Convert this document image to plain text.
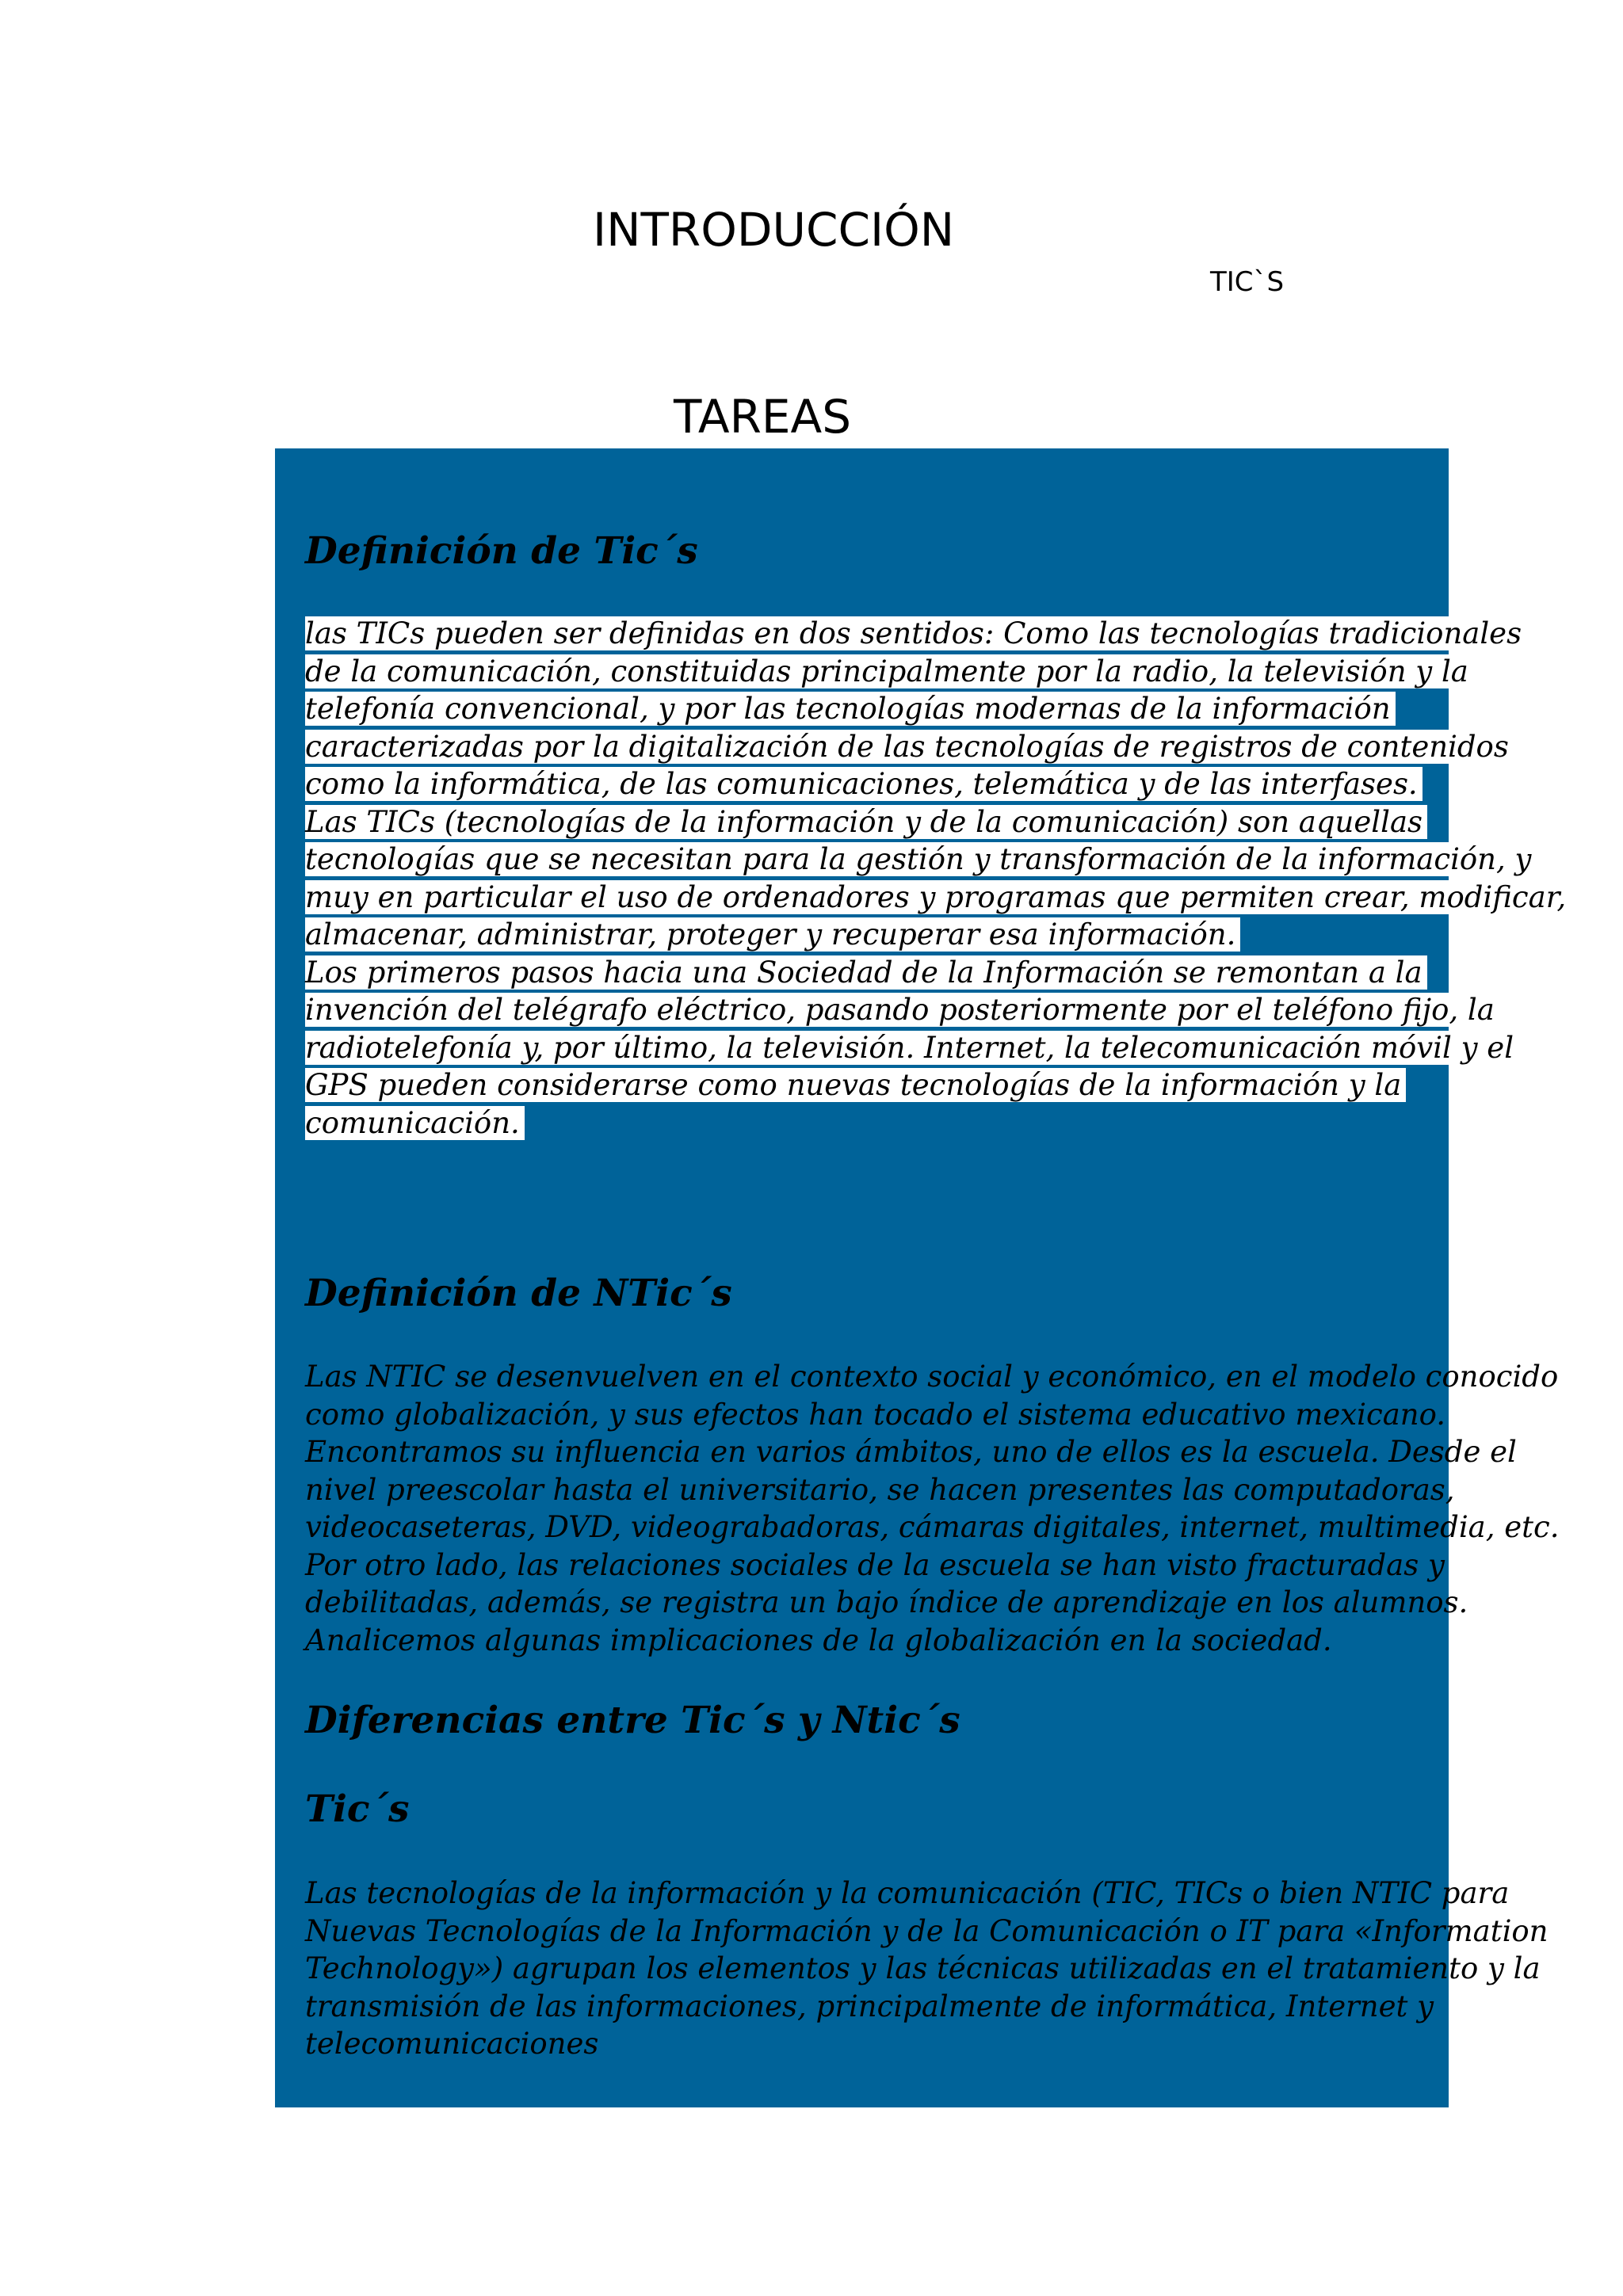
INTRODUCCIÓN
TIC`S
TAREAS
Definición de Tic´s
las TICs pueden ser definidas en dos sentidos: Como las tecnologías tradicionales
de la comunicación, constituidas principalmente por la radio, la televisión y la
telefonía convencional, y por las tecnologías modernas de la información
caracterizadas por la digitalización de las tecnologías de registros de contenidos
como la informática, de las comunicaciones, telemática y de las interfases.
Las TICs (tecnologías de la información y de la comunicación) son aquellas
tecnologías que se necesitan para la gestión y transformación de la información, y
muy en particular el uso de ordenadores y programas que permiten crear, modificar,
almacenar, administrar, proteger y recuperar esa información.
Los primeros pasos hacia una Sociedad de la Información se remontan a la
invención del telégrafo eléctrico, pasando posteriormente por el teléfono fijo, la
radiotelefonía y, por último, la televisión. Internet, la telecomunicación móvil y el
GPS pueden considerarse como nuevas tecnologías de la información y la
comunicación.
Definición de NTic´s
Las NTIC se desenvuelven en el contexto social y económico, en el modelo conocido
como globalización, y sus efectos han tocado el sistema educativo mexicano.
Encontramos su influencia en varios ámbitos, uno de ellos es la escuela. Desde el
nivel preescolar hasta el universitario, se hacen presentes las computadoras,
videocaseteras, DVD, videograbadoras, cámaras digitales, internet, multimedia, etc.
Por otro lado, las relaciones sociales de la escuela se han visto fracturadas y
debilitadas, además, se registra un bajo índice de aprendizaje en los alumnos.
Analicemos algunas implicaciones de la globalización en la sociedad.
Diferencias entre Tic´s y Ntic´s
Tic´s
Las tecnologías de la información y la comunicación (TIC, TICs o bien NTIC para
Nuevas Tecnologías de la Información y de la Comunicación o IT para «Information
Technology») agrupan los elementos y las técnicas utilizadas en el tratamiento y la
transmisión de las informaciones, principalmente de informática, Internet y
telecomunicaciones
